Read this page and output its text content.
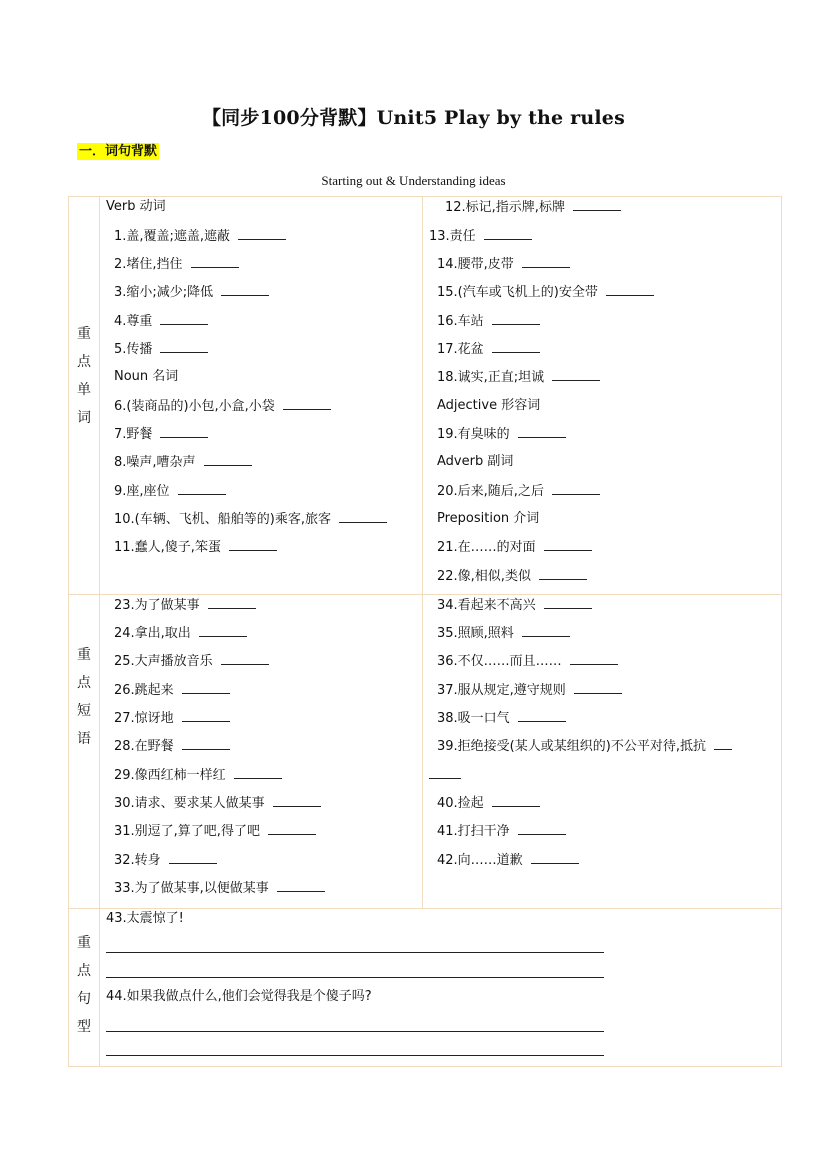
【同步100分背默】Unit5 Play by the rules
一．词句背默
Starting out & Understanding ideas
重
点
单
词
重
点
短
语
重
点
句
型
Verb 动词
1.盖,覆盖;遮盖,遮蔽
2.堵住,挡住
3.缩小;减少;降低
4.尊重
5.传播
Noun 名词
6.(装商品的)小包,小盒,小袋
7.野餐
8.噪声,嘈杂声
9.座,座位
10.(车辆、飞机、船舶等的)乘客,旅客
11.蠢人,傻子,笨蛋
12.标记,指示牌,标牌
13.责任
14.腰带,皮带
15.(汽车或飞机上的)安全带
16.车站
17.花盆
18.诚实,正直;坦诚
Adjective 形容词
19.有臭味的
Adverb 副词
20.后来,随后,之后
Preposition 介词
21.在……的对面
22.像,相似,类似
23.为了做某事
24.拿出,取出
25.大声播放音乐
26.跳起来
27.惊讶地
28.在野餐
29.像西红柿一样红
30.请求、要求某人做某事
31.别逗了,算了吧,得了吧
32.转身
33.为了做某事,以便做某事
34.看起来不高兴
35.照顾,照料
36.不仅……而且……
37.服从规定,遵守规则
38.吸一口气
39.拒绝接受(某人或某组织的)不公平对待,抵抗
40.捡起
41.打扫干净
42.向……道歉
43.太震惊了!
44.如果我做点什么,他们会觉得我是个傻子吗?
